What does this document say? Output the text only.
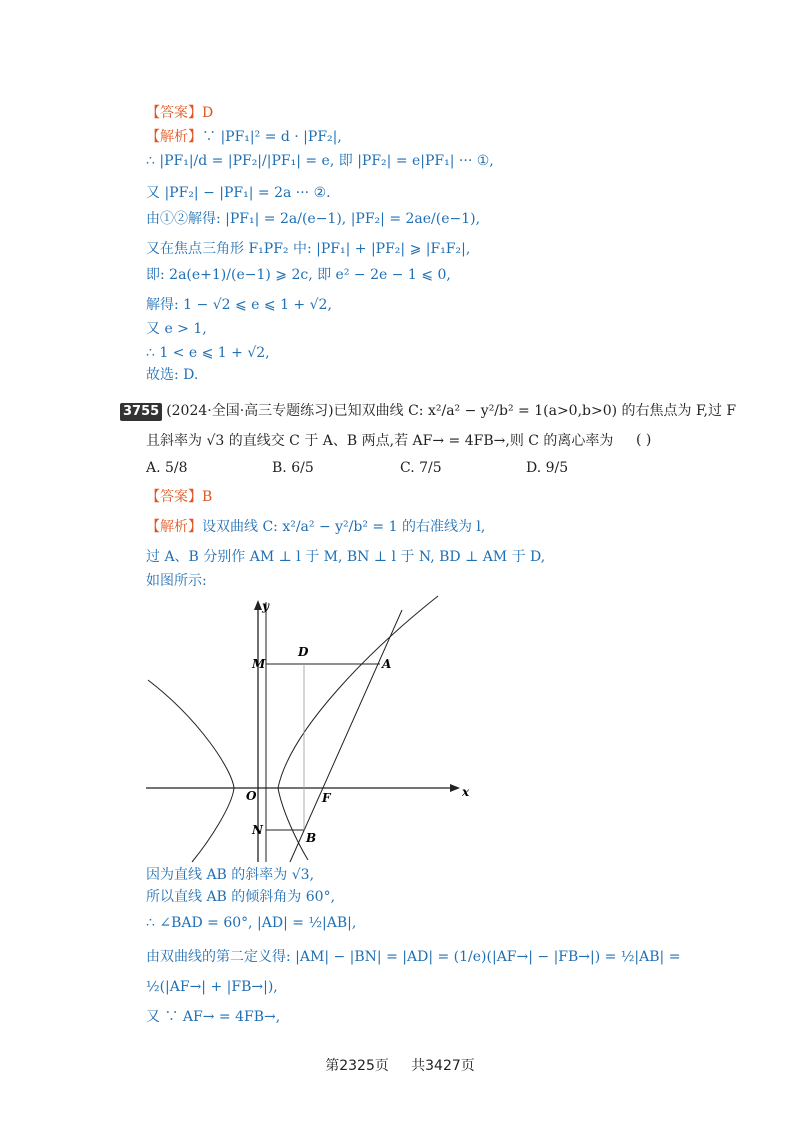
【答案】D
【解析】∵ |PF₁|² = d · |PF₂|,
∴ |PF₁|/d = |PF₂|/|PF₁| = e, 即 |PF₂| = e|PF₁| ··· ①,
又 |PF₂| − |PF₁| = 2a ··· ②.
由①②解得: |PF₁| = 2a/(e−1), |PF₂| = 2ae/(e−1),
又在焦点三角形 F₁PF₂ 中: |PF₁| + |PF₂| ⩾ |F₁F₂|,
即: 2a(e+1)/(e−1) ⩾ 2c, 即 e² − 2e − 1 ⩽ 0,
解得: 1 − √2 ⩽ e ⩽ 1 + √2,
又 e > 1,
∴ 1 < e ⩽ 1 + √2,
故选: D.
3755 (2024·全国·高三专题练习)已知双曲线 C: x²/a² − y²/b² = 1(a>0,b>0) 的右焦点为 F,过 F
且斜率为 √3 的直线交 C 于 A、B 两点,若 AF→ = 4FB→,则 C 的离心率为 ( )
A. 5/8	B. 6/5	C. 7/5	D. 9/5
【答案】B
【解析】设双曲线 C: x²/a² − y²/b² = 1 的右准线为 l,
过 A、B 分别作 AM ⊥ l 于 M, BN ⊥ l 于 N, BD ⊥ AM 于 D,
如图所示:
y
x
O
M
D
A
N
B
F
因为直线 AB 的斜率为 √3,
所以直线 AB 的倾斜角为 60°,
∴ ∠BAD = 60°, |AD| = ½|AB|,
由双曲线的第二定义得: |AM| − |BN| = |AD| = (1/e)(|AF→| − |FB→|) = ½|AB| =
½(|AF→| + |FB→|),
又 ∵ AF→ = 4FB→,
第2325页 共3427页
